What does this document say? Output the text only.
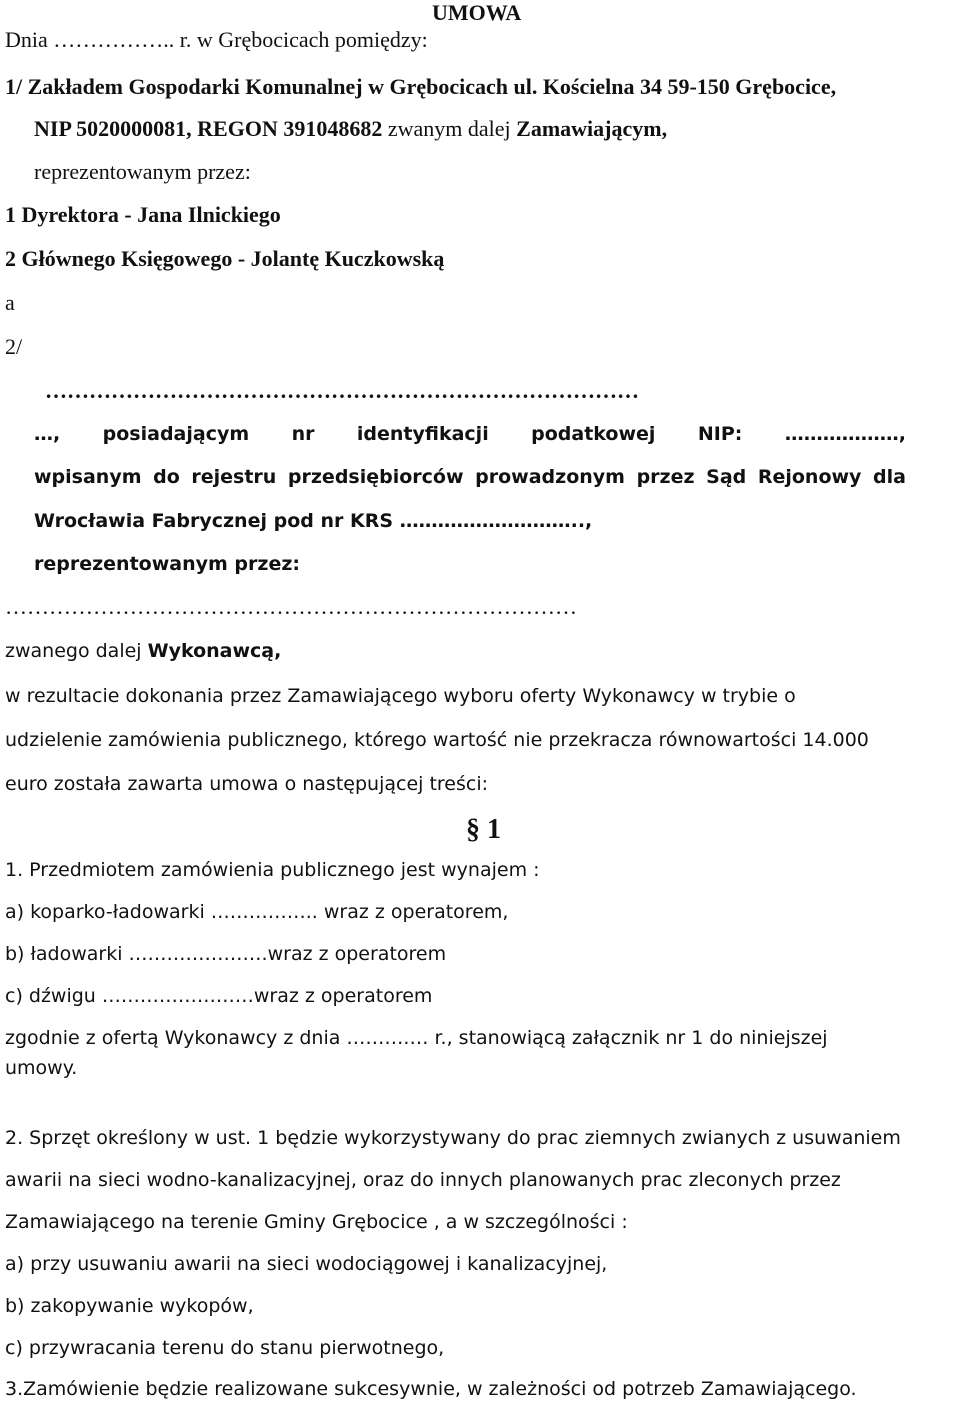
UMOWA

Dnia …………….. r. w Grębocicach pomiędzy:

1/ Zakładem Gospodarki Komunalnej w Grębocicach ul. Kościelna 34 59-150 Grębocice,

NIP 5020000081, REGON 391048682 zwanym dalej Zamawiającym,

reprezentowanym przez:

1 Dyrektora - Jana Ilnickiego

2 Głównego Księgowego - Jolantę Kuczkowską

a

2/

………………………………………………………………………

…, posiadającym nr identyfikacji podatkowej NIP: ………………,
wpisanym do rejestru przedsiębiorców prowadzonym przez Sąd Rejonowy dla

Wrocławia Fabrycznej pod nr KRS ………………………..,

reprezentowanym przez:

……………………………………………………………………

zwanego dalej Wykonawcą,

w rezultacie dokonania przez Zamawiającego wyboru oferty Wykonawcy w trybie o

udzielenie zamówienia publicznego, którego wartość nie przekracza równowartości 14.000

euro została zawarta umowa o następującej treści:

§ 1

1. Przedmiotem zamówienia publicznego jest wynajem :

a) koparko-ładowarki …………….. wraz z operatorem,

b) ładowarki ………………….wraz z operatorem

c) dźwigu ……………………wraz z operatorem

zgodnie z ofertą Wykonawcy z dnia ……….… r., stanowiącą załącznik nr 1 do niniejszej

umowy.

2. Sprzęt określony w ust. 1 będzie wykorzystywany do prac ziemnych zwianych z usuwaniem

awarii na sieci wodno-kanalizacyjnej, oraz do innych planowanych prac zleconych przez

Zamawiającego na terenie Gminy Grębocice , a w szczególności :

a) przy usuwaniu awarii na sieci wodociągowej i kanalizacyjnej,

b) zakopywanie wykopów,

c) przywracania terenu do stanu pierwotnego,

3.Zamówienie będzie realizowane sukcesywnie, w zależności od potrzeb Zamawiającego.
